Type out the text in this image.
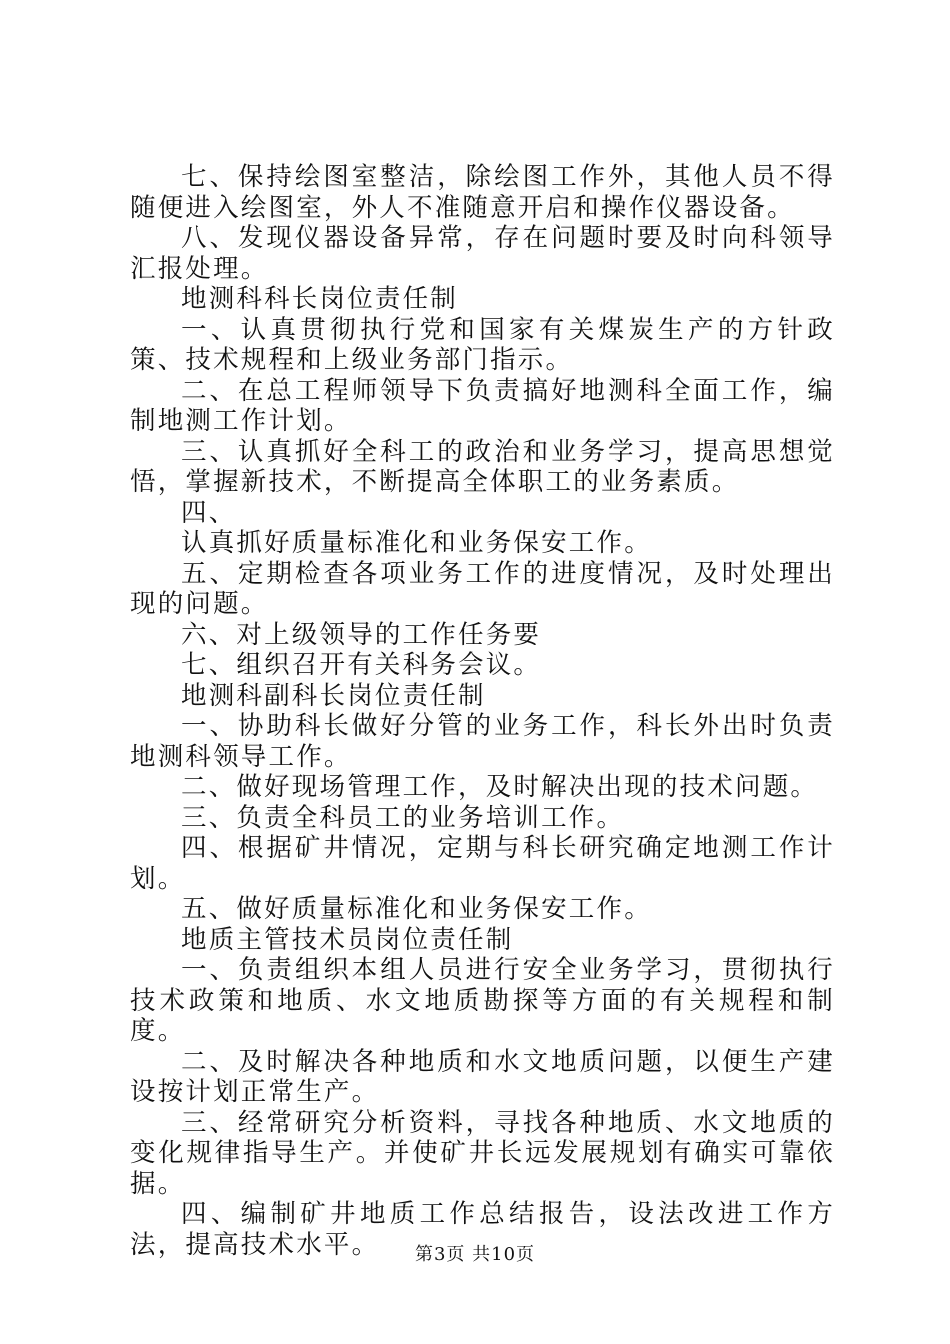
七、保持绘图室整洁，除绘图工作外，其他人员不得随便进入绘图室，外人不准随意开启和操作仪器设备。

八、发现仪器设备异常，存在问题时要及时向科领导汇报处理。

地测科科长岗位责任制

一、认真贯彻执行党和国家有关煤炭生产的方针政策、技术规程和上级业务部门指示。

二、在总工程师领导下负责搞好地测科全面工作，编制地测工作计划。

三、认真抓好全科工的政治和业务学习，提高思想觉悟，掌握新技术，不断提高全体职工的业务素质。

四、

认真抓好质量标准化和业务保安工作。

五、定期检查各项业务工作的进度情况，及时处理出现的问题。

六、对上级领导的工作任务要

七、组织召开有关科务会议。

地测科副科长岗位责任制

一、协助科长做好分管的业务工作，科长外出时负责地测科领导工作。

二、做好现场管理工作，及时解决出现的技术问题。

三、负责全科员工的业务培训工作。

四、根据矿井情况，定期与科长研究确定地测工作计划。

五、做好质量标准化和业务保安工作。

地质主管技术员岗位责任制

一、负责组织本组人员进行安全业务学习，贯彻执行技术政策和地质、水文地质勘探等方面的有关规程和制度。

二、及时解决各种地质和水文地质问题，以便生产建设按计划正常生产。

三、经常研究分析资料，寻找各种地质、水文地质的变化规律指导生产。并使矿井长远发展规划有确实可靠依据。

四、编制矿井地质工作总结报告，设法改进工作方法，提高技术水平。	第3页 共10页
